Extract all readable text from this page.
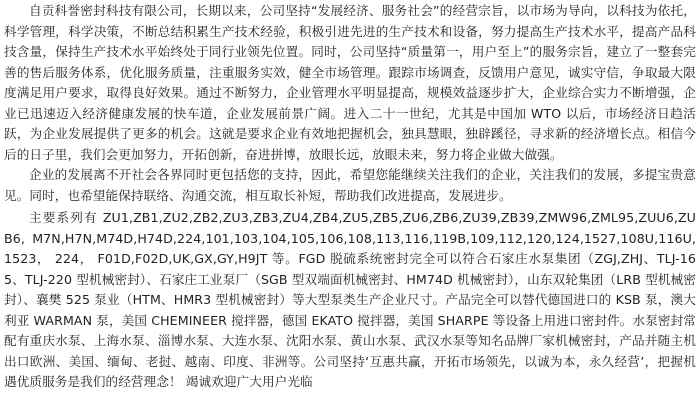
自贡科誉密封科技有限公司，长期以来，公司坚持“发展经济、服务社会”的经营宗旨，以市场为导向，以科技为依托，科学管理，科学决策，不断总结积累生产技术经验，积极引进先进的生产技术和设备，努力提高生产技术水平，提高产品科技含量，保持生产技术水平始终处于同行业领先位置。同时，公司坚持“质量第一，用户至上”的服务宗旨，建立了一整套完善的售后服务体系，优化服务质量，注重服务实效，健全市场管理。跟踪市场调查，反馈用户意见，诚实守信，争取最大限度满足用户要求，取得良好效果。通过不断努力，企业管理水平明显提高，规模效益逐步扩大，企业综合实力不断增强，企业已迅速迈入经济健康发展的快车道，企业发展前景广阔。进入二十一世纪，尤其是中国加 WTO 以后，市场经济日趋活跃，为企业发展提供了更多的机会。这就是要求企业有效地把握机会，独具慧眼，独辟蹊径，寻求新的经济增长点。相信今后的日子里，我们会更加努力，开拓创新，奋进拼博，放眼长远，放眼未来，努力将企业做大做强。

企业的发展离不开社会各界同时更包括您的支持，因此，希望您能继续关注我们的企业，关注我们的发展，多提宝贵意见。同时，也希望能保持联络、沟通交流，相互取长补短，帮助我们改进提高，发展进步。

主要系列有 ZU1,ZB1,ZU2,ZB2,ZU3,ZB3,ZU4,ZB4,ZU5,ZB5,ZU6,ZB6,ZU39,ZB39,ZMW96,ZML95,ZUU6,ZUB6, M7N,H7N,M74D,H74D,224,101,103,104,105,106,108,113,116,119B,109,112,120,124,1527,108U,116U,1523， 224， F01D,F02D,UK,GX,GY,H9JT 等。FGD 脱硫系统密封完全可以符合石家庄水泵集团（ZGJ,ZHJ、TLJ-165、TLJ-220 型机械密封）、石家庄工业泵厂（SGB 型双端面机械密封、HM74D 机械密封），山东双轮集团（LRB 型机械密封）、襄樊 525 泵业（HTM、HMR3 型机械密封）等大型泵类生产企业尺寸。产品完全可以替代德国进口的 KSB 泵，澳大利亚 WARMAN 泵，美国 CHEMINEER 搅拌器，德国 EKATO 搅拌器，美国 SHARPE 等设备上用进口密封件。水泵密封常配有重庆水泵、上海水泵、淄博水泵、大连水泵、沈阳水泵、黄山水泵、武汉水泵等知名品牌厂家机械密封，产品并随主机出口欧洲、美国、缅甸、老挝、越南、印度、非洲等。公司坚持‘互惠共赢，开拓市场领先，以诚为本，永久经营’，把握机遇优质服务是我们的经营理念！ 竭诚欢迎广大用户光临
